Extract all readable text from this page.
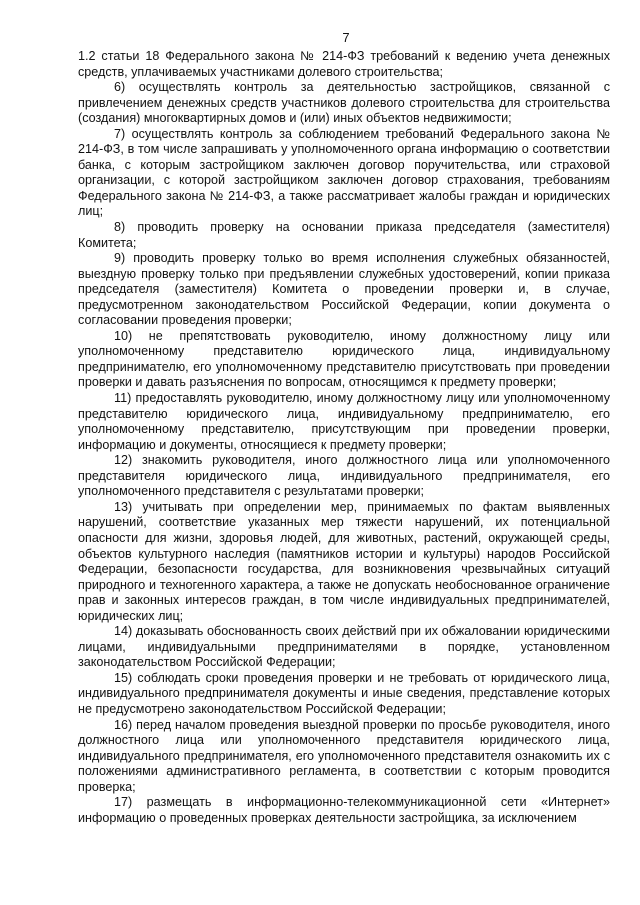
7

1.2 статьи 18 Федерального закона № 214-ФЗ требований к ведению учета денежных средств, уплачиваемых участниками долевого строительства;

6) осуществлять контроль за деятельностью застройщиков, связанной с привлечением денежных средств участников долевого строительства для строительства (создания) многоквартирных домов и (или) иных объектов недвижимости;

7) осуществлять контроль за соблюдением требований Федерального закона № 214-ФЗ, в том числе запрашивать у уполномоченного органа информацию о соответствии банка, с которым застройщиком заключен договор поручительства, или страховой организации, с которой застройщиком заключен договор страхования, требованиям Федерального закона № 214-ФЗ, а также рассматривает жалобы граждан и юридических лиц;

8) проводить проверку на основании приказа председателя (заместителя) Комитета;

9) проводить проверку только во время исполнения служебных обязанностей, выездную проверку только при предъявлении служебных удостоверений, копии приказа председателя (заместителя) Комитета о проведении проверки и, в случае, предусмотренном законодательством Российской Федерации, копии документа о согласовании проведения проверки;

10) не препятствовать руководителю, иному должностному лицу или уполномоченному представителю юридического лица, индивидуальному предпринимателю, его уполномоченному представителю присутствовать при проведении проверки и давать разъяснения по вопросам, относящимся к предмету проверки;

11) предоставлять руководителю, иному должностному лицу или уполномоченному представителю юридического лица, индивидуальному предпринимателю, его уполномоченному представителю, присутствующим при проведении проверки, информацию и документы, относящиеся к предмету проверки;

12) знакомить руководителя, иного должностного лица или уполномоченного представителя юридического лица, индивидуального предпринимателя, его уполномоченного представителя с результатами проверки;

13) учитывать при определении мер, принимаемых по фактам выявленных нарушений, соответствие указанных мер тяжести нарушений, их потенциальной опасности для жизни, здоровья людей, для животных, растений, окружающей среды, объектов культурного наследия (памятников истории и культуры) народов Российской Федерации, безопасности государства, для возникновения чрезвычайных ситуаций природного и техногенного характера, а также не допускать необоснованное ограничение прав и законных интересов граждан, в том числе индивидуальных предпринимателей, юридических лиц;

14) доказывать обоснованность своих действий при их обжаловании юридическими лицами, индивидуальными предпринимателями в порядке, установленном законодательством Российской Федерации;

15) соблюдать сроки проведения проверки и не требовать от юридического лица, индивидуального предпринимателя документы и иные сведения, представление которых не предусмотрено законодательством Российской Федерации;

16) перед началом проведения выездной проверки по просьбе руководителя, иного должностного лица или уполномоченного представителя юридического лица, индивидуального предпринимателя, его уполномоченного представителя ознакомить их с положениями административного регламента, в соответствии с которым проводится проверка;

17) размещать в информационно-телекоммуникационной сети «Интернет» информацию о проведенных проверках деятельности застройщика, за исключением
